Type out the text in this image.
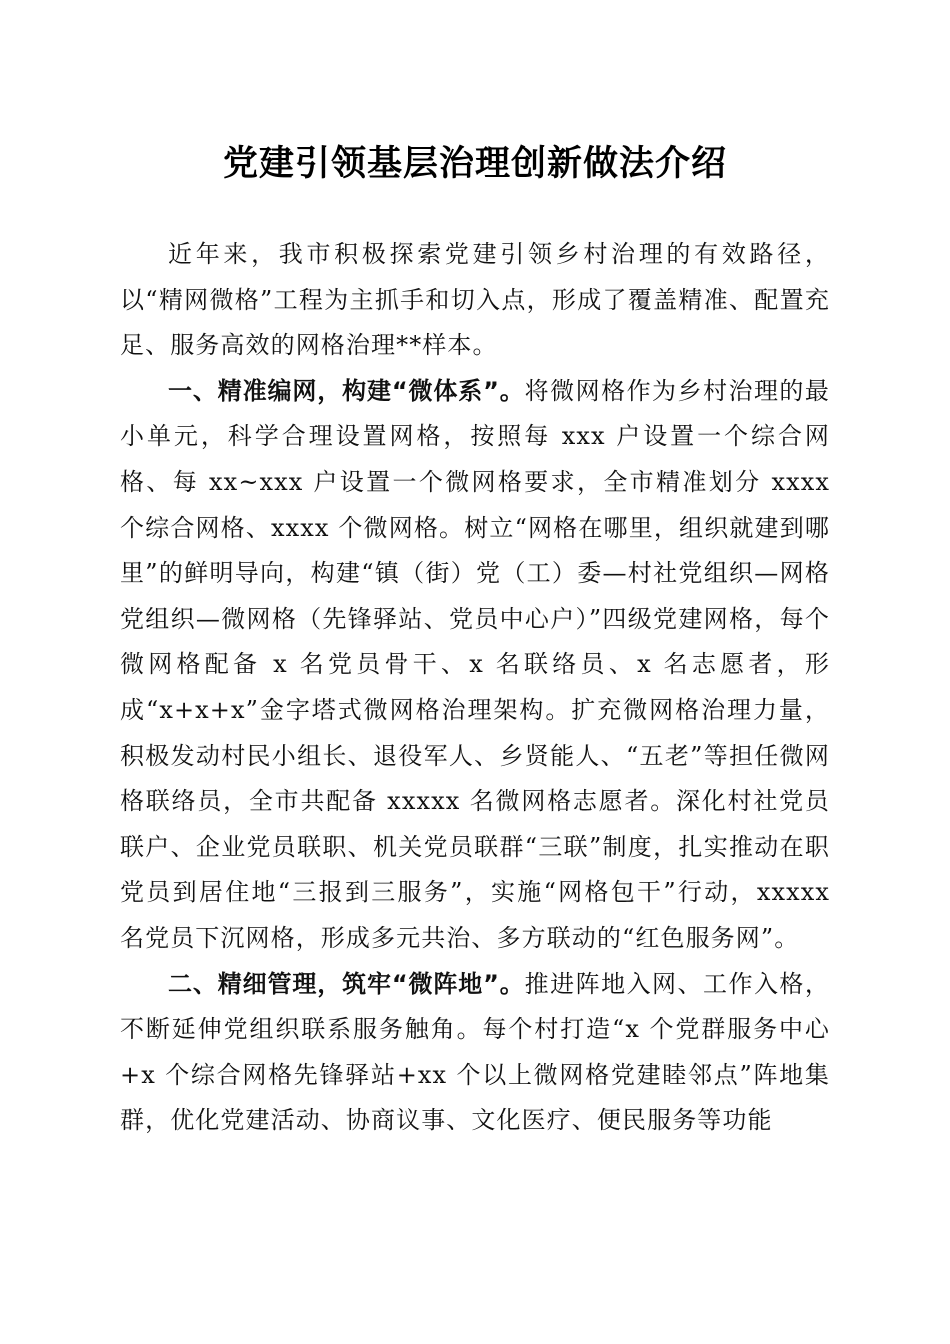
党建引领基层治理创新做法介绍

近年来，我市积极探索党建引领乡村治理的有效路径，以“精网微格”工程为主抓手和切入点，形成了覆盖精准、配置充足、服务高效的网格治理**样本。

一、精准编网，构建“微体系”。将微网格作为乡村治理的最小单元，科学合理设置网格，按照每 xxx 户设置一个综合网格、每 xx~xxx 户设置一个微网格要求，全市精准划分 xxxx 个综合网格、xxxx 个微网格。树立“网格在哪里，组织就建到哪里”的鲜明导向，构建“镇（街）党（工）委—村社党组织—网格党组织—微网格（先锋驿站、党员中心户）”四级党建网格，每个微网格配备 x 名党员骨干、x 名联络员、x 名志愿者，形成“x+x+x”金字塔式微网格治理架构。扩充微网格治理力量，积极发动村民小组长、退役军人、乡贤能人、“五老”等担任微网格联络员，全市共配备 xxxxx 名微网格志愿者。深化村社党员联户、企业党员联职、机关党员联群“三联”制度，扎实推动在职党员到居住地“三报到三服务”，实施“网格包干”行动，xxxxx 名党员下沉网格，形成多元共治、多方联动的“红色服务网”。

二、精细管理，筑牢“微阵地”。推进阵地入网、工作入格，不断延伸党组织联系服务触角。每个村打造“x 个党群服务中心+x 个综合网格先锋驿站+xx 个以上微网格党建睦邻点”阵地集群，优化党建活动、协商议事、文化医疗、便民服务等功能
